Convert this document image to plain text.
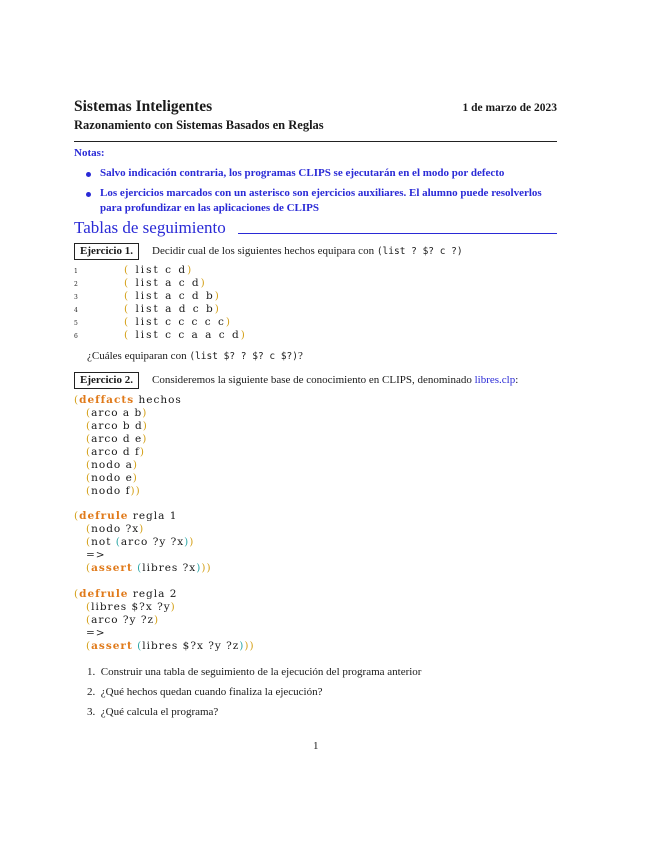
Sistemas Inteligentes	1 de marzo de 2023
Razonamiento con Sistemas Basados en Reglas
Notas:
Salvo indicación contraria, los programas CLIPS se ejecutarán en el modo por defecto
Los ejercicios marcados con un asterisco son ejercicios auxiliares. El alumno puede resolverlos para profundizar en las aplicaciones de CLIPS
Tablas de seguimiento
Ejercicio 1.	Decidir cual de los siguientes hechos equipara con (list ? $? c ?)
1	( list c d)
2	( list a c d)
3	( list a c d b)
4	( list a d c b)
5	( list c c c c c)
6	( list c c a a c d)
¿Cuáles equiparan con (list $? ? $? c $?)?
Ejercicio 2.	Consideremos la siguiente base de conocimiento en CLIPS, denominado libres.clp:
(deffacts hechos
(arco a b)
(arco b d)
(arco d e)
(arco d f)
(nodo a)
(nodo e)
(nodo f))
(defrule regla 1
(nodo ?x)
(not (arco ?y ?x))
=>
(assert (libres ?x)))
(defrule regla 2
(libres $?x ?y)
(arco ?y ?z)
=>
(assert (libres $?x ?y ?z)))
1. Construir una tabla de seguimiento de la ejecución del programa anterior
2. ¿Qué hechos quedan cuando finaliza la ejecución?
3. ¿Qué calcula el programa?
1
